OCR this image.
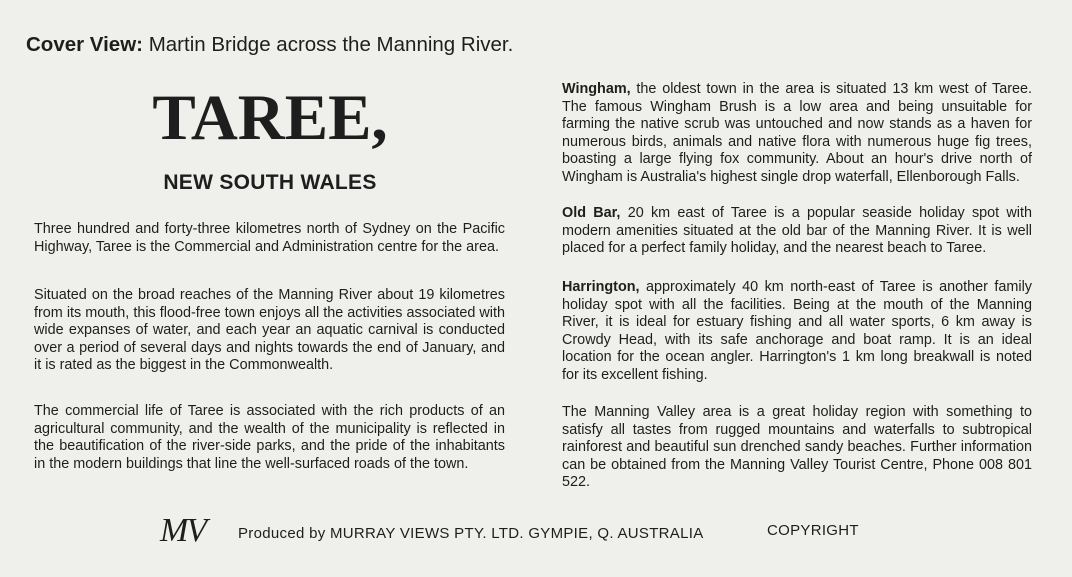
Cover View: Martin Bridge across the Manning River.
TAREE,
NEW SOUTH WALES

Three hundred and forty-three kilometres north of Sydney on the Pacific Highway, Taree is the Commercial and Administration centre for the area.

Situated on the broad reaches of the Manning River about 19 kilometres from its mouth, this flood-free town enjoys all the activities associated with wide expanses of water, and each year an aquatic carnival is conducted over a period of several days and nights towards the end of January, and it is rated as the biggest in the Commonwealth.

The commercial life of Taree is associated with the rich products of an agricultural community, and the wealth of the municipality is reflected in the beautification of the river-side parks, and the pride of the inhabitants in the modern buildings that line the well-surfaced roads of the town.

Wingham, the oldest town in the area is situated 13 km west of Taree. The famous Wingham Brush is a low area and being unsuitable for farming the native scrub was untouched and now stands as a haven for numerous birds, animals and native flora with numerous huge fig trees, boasting a large flying fox community. About an hour's drive north of Wingham is Australia's highest single drop waterfall, Ellenborough Falls.

Old Bar, 20 km east of Taree is a popular seaside holiday spot with modern amenities situated at the old bar of the Manning River. It is well placed for a perfect family holiday, and the nearest beach to Taree.

Harrington, approximately 40 km north-east of Taree is another family holiday spot with all the facilities. Being at the mouth of the Manning River, it is ideal for estuary fishing and all water sports, 6 km away is Crowdy Head, with its safe anchorage and boat ramp. It is an ideal location for the ocean angler. Harrington's 1 km long breakwall is noted for its excellent fishing.

The Manning Valley area is a great holiday region with something to satisfy all tastes from rugged mountains and waterfalls to subtropical rainforest and beautiful sun drenched sandy beaches. Further information can be obtained from the Manning Valley Tourist Centre, Phone 008 801 522.

MV Produced by MURRAY VIEWS PTY. LTD. GYMPIE, Q. AUSTRALIA	COPYRIGHT
